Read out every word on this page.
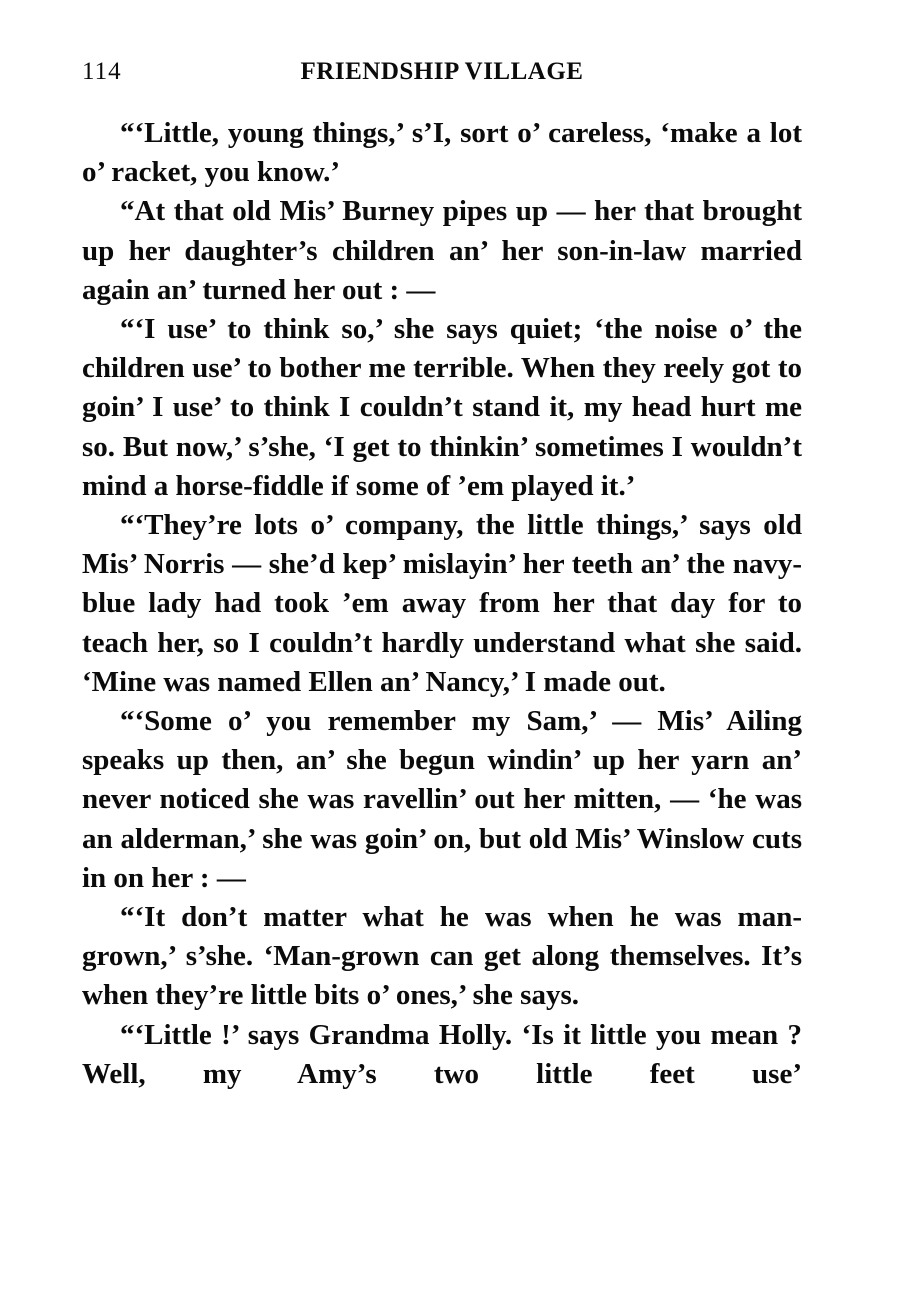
114	FRIENDSHIP VILLAGE

“‘Little, young things,’ s’I, sort o’ careless, ‘make a lot o’ racket, you know.’

“At that old Mis’ Burney pipes up — her that brought up her daughter’s children an’ her son-in-law married again an’ turned her out : —

“‘I use’ to think so,’ she says quiet; ‘the noise o’ the children use’ to bother me terrible. When they reely got to goin’ I use’ to think I couldn’t stand it, my head hurt me so. But now,’ s’she, ‘I get to thinkin’ sometimes I wouldn’t mind a horse-fiddle if some of ’em played it.’

“‘They’re lots o’ company, the little things,’ says old Mis’ Norris — she’d kep’ mislayin’ her teeth an’ the navy-blue lady had took ’em away from her that day for to teach her, so I couldn’t hardly understand what she said. ‘Mine was named Ellen an’ Nancy,’ I made out.

“‘Some o’ you remember my Sam,’ — Mis’ Ailing speaks up then, an’ she begun windin’ up her yarn an’ never noticed she was ravellin’ out her mitten, — ‘he was an alderman,’ she was goin’ on, but old Mis’ Winslow cuts in on her : —

“‘It don’t matter what he was when he was man-grown,’ s’she. ‘Man-grown can get along themselves. It’s when they’re little bits o’ ones,’ she says.

“‘Little !’ says Grandma Holly. ‘Is it little you mean ? Well, my Amy’s two little feet use’
